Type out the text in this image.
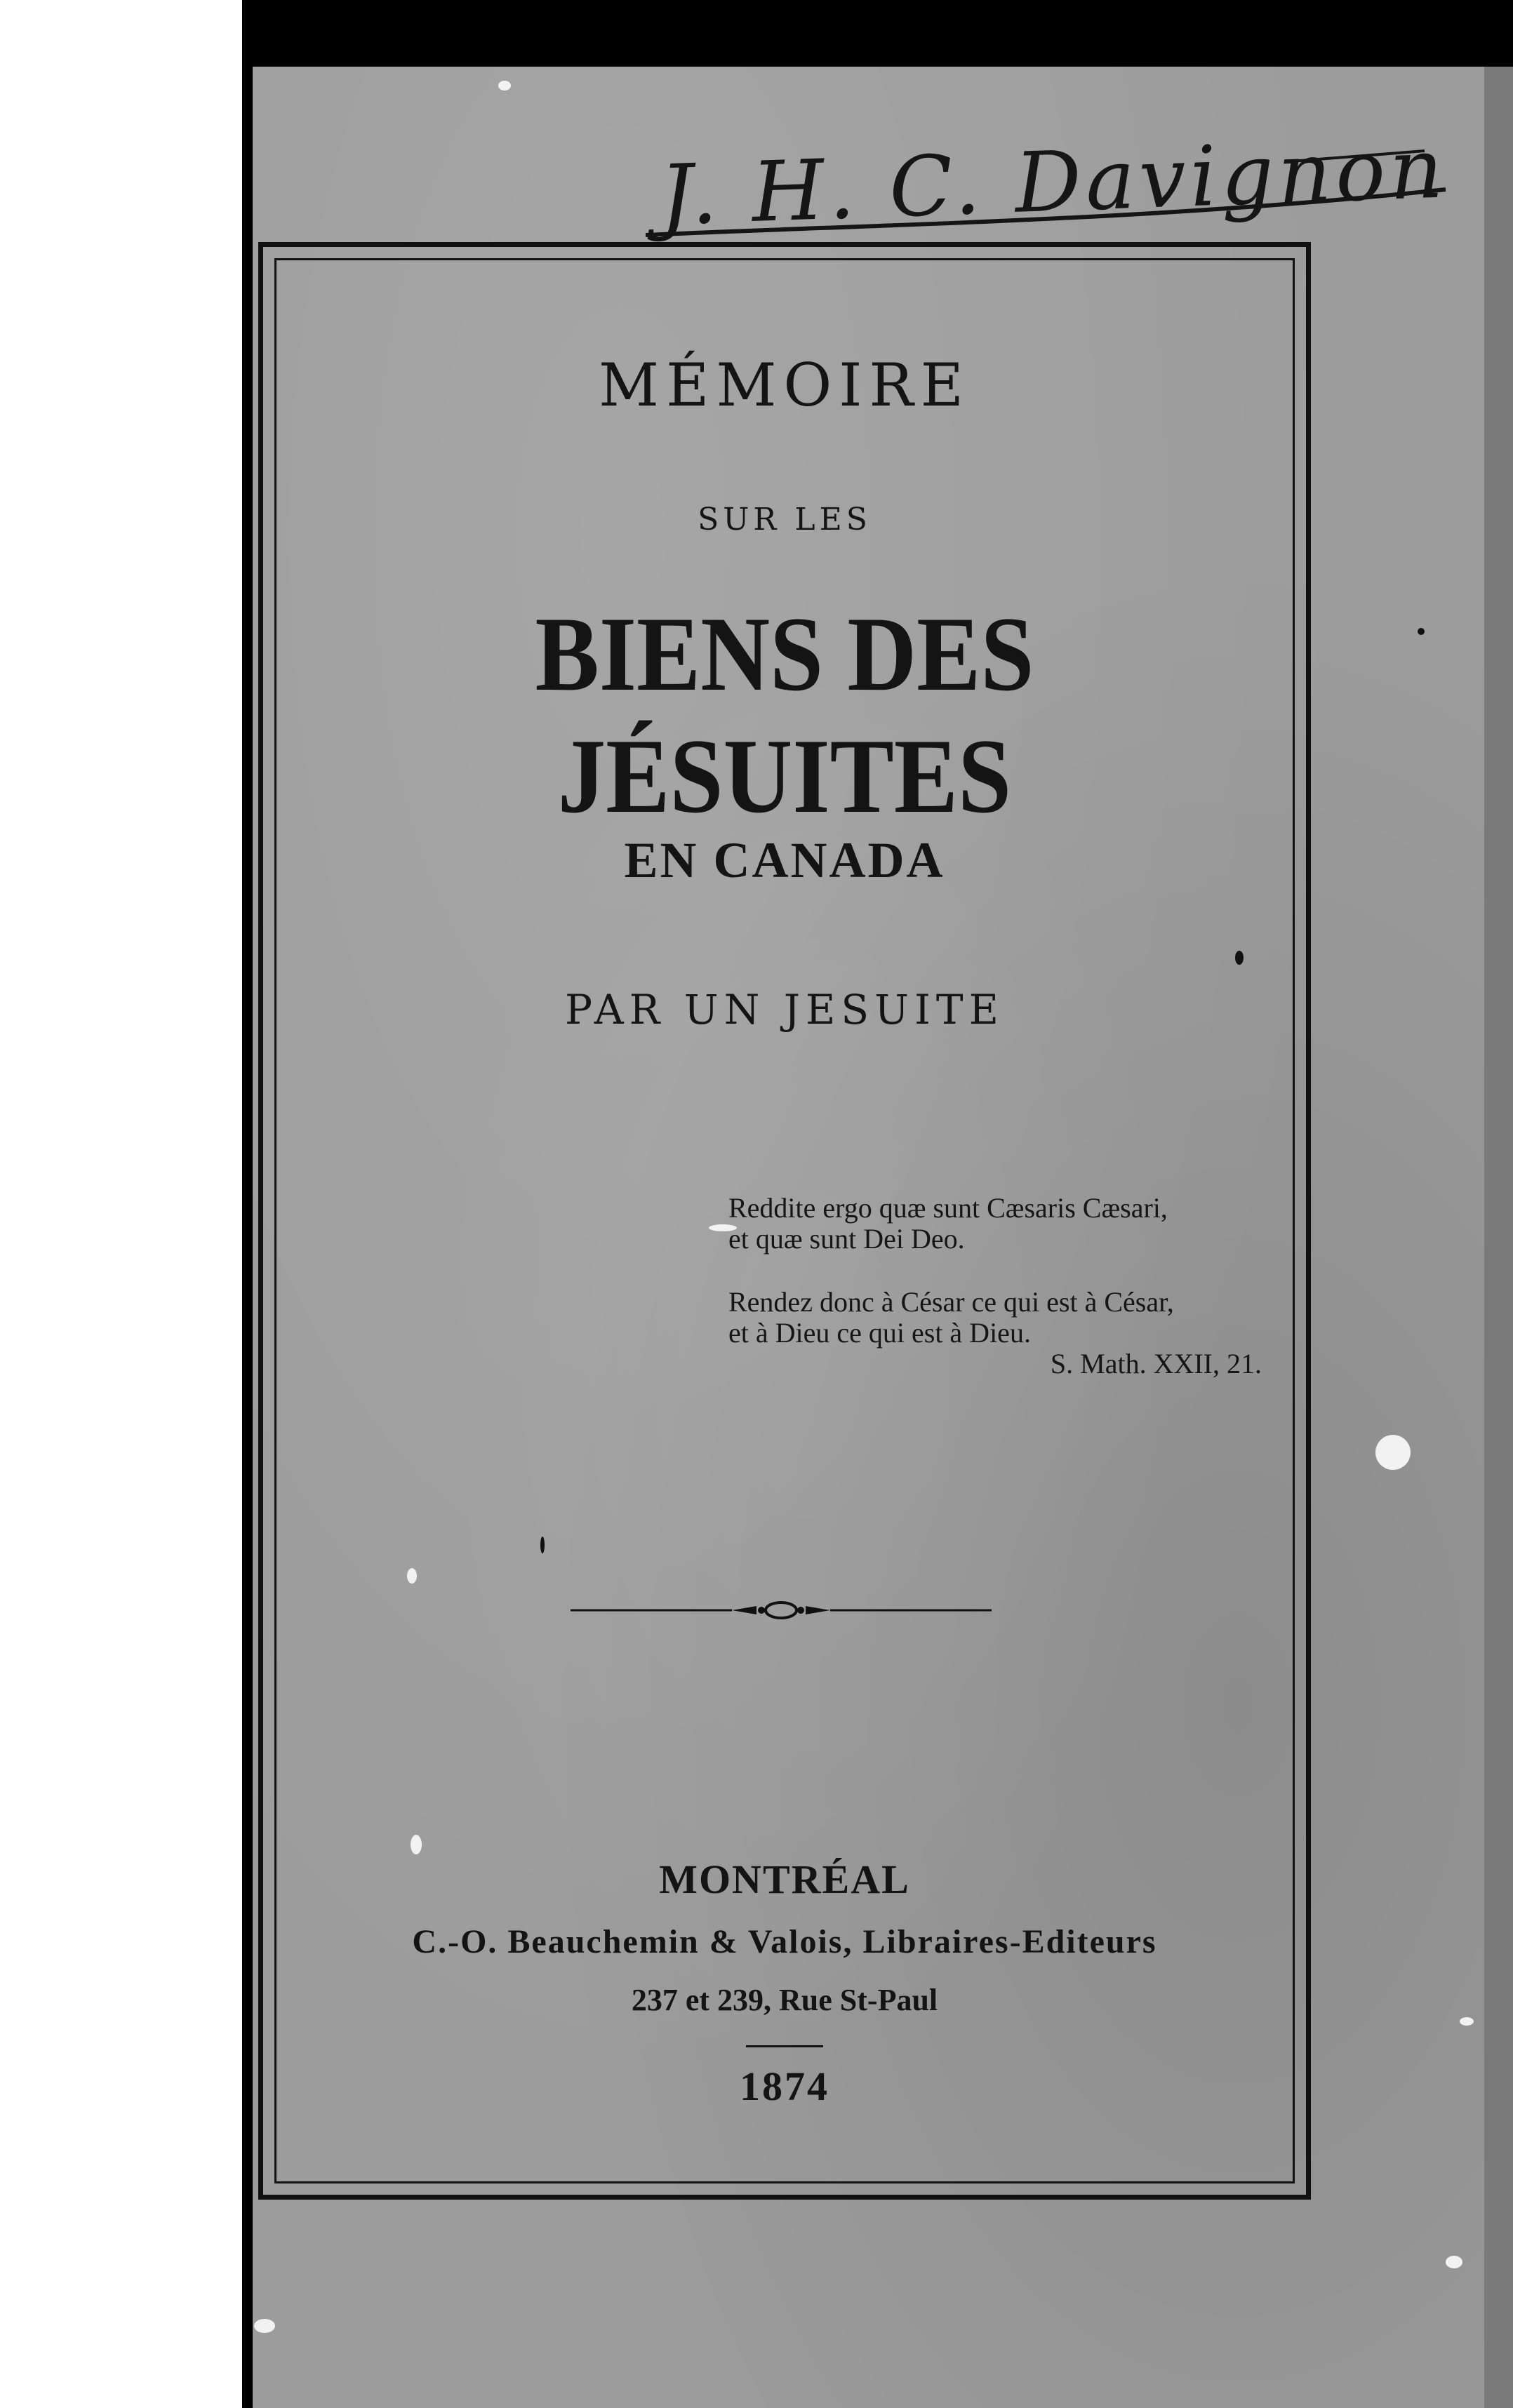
J. H. C. Davignon
MÉMOIRE
SUR LES
BIENS DES JÉSUITES
EN CANADA
PAR UN JESUITE
Reddite ergo quæ sunt Cæsaris Cæsari,
et quæ sunt Dei Deo.
Rendez donc à César ce qui est à César,
et à Dieu ce qui est à Dieu.
S. Math. XXII, 21.
MONTRÉAL
C.-O. Beauchemin & Valois, Libraires-Editeurs
237 et 239, Rue St-Paul
1874
